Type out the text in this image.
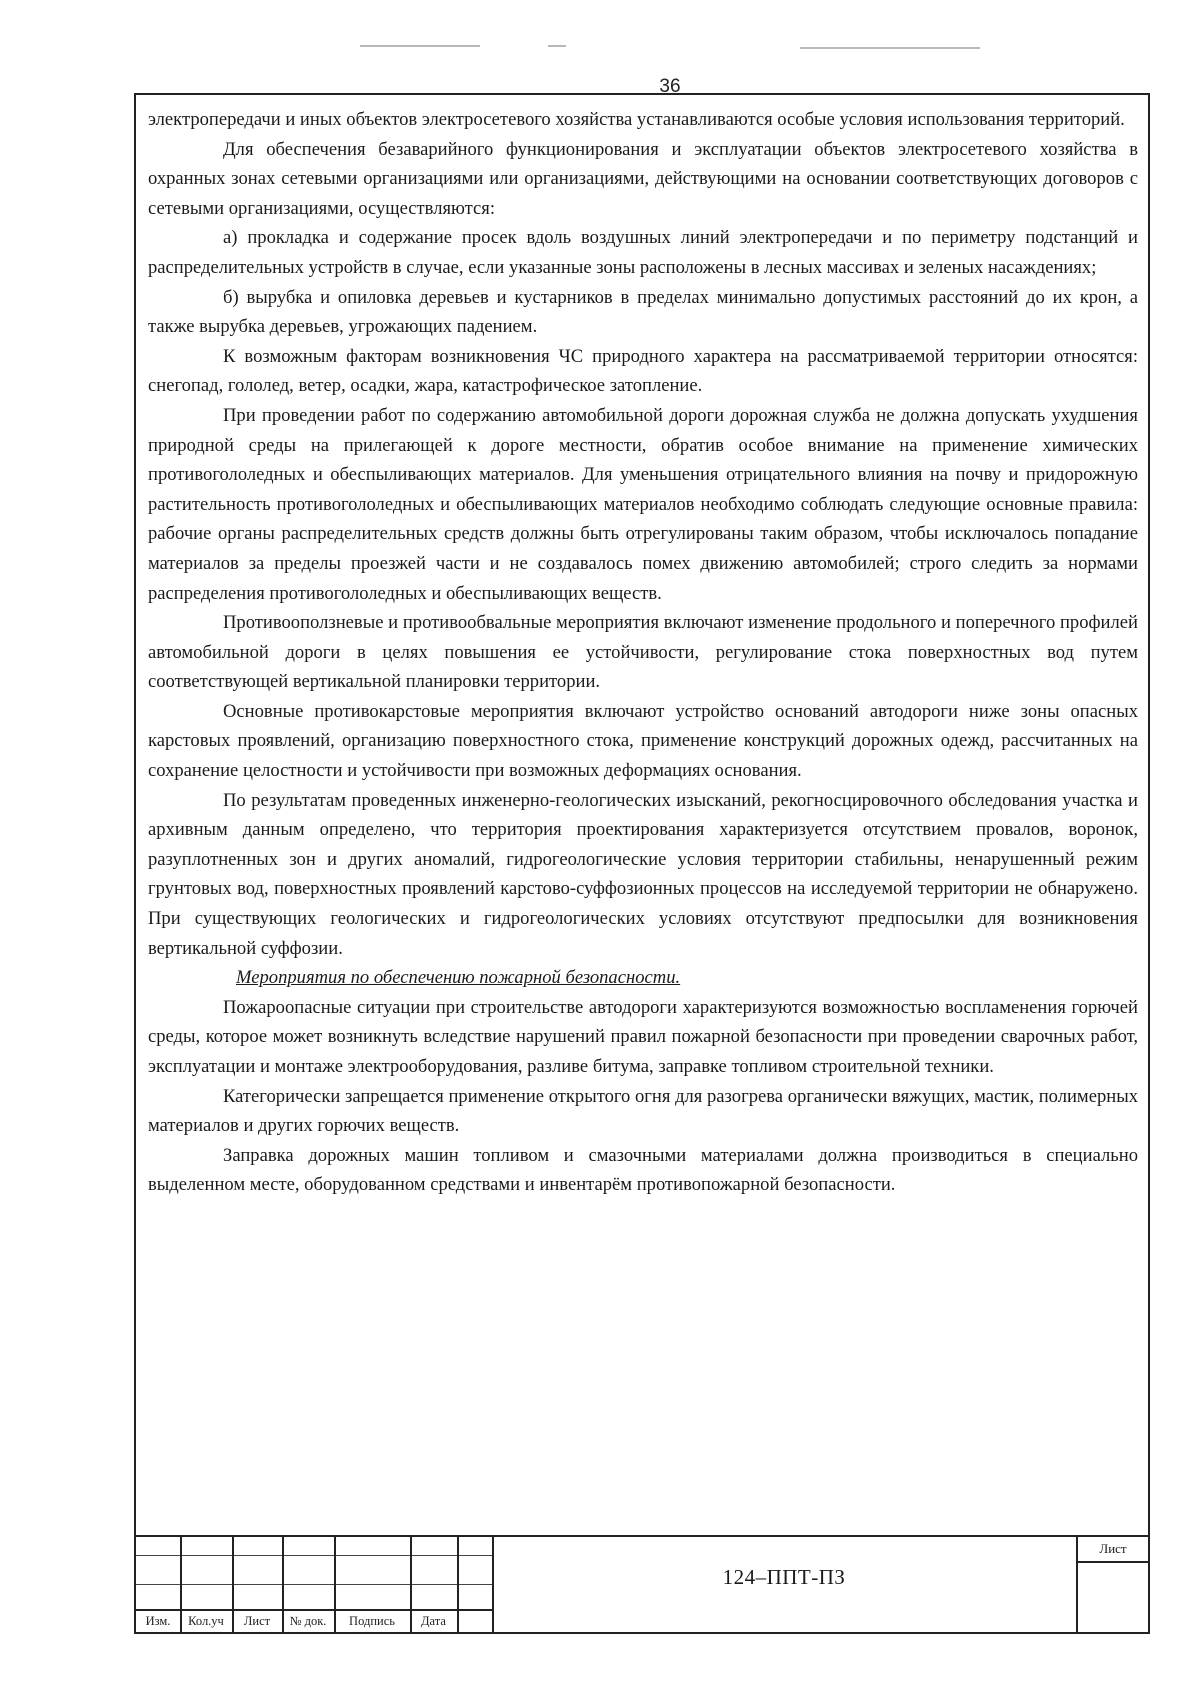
36

электропередачи и иных объектов электросетевого хозяйства устанавливаются особые условия использования территорий.

Для обеспечения безаварийного функционирования и эксплуатации объектов электросетевого хозяйства в охранных зонах сетевыми организациями или организациями, действующими на основании соответствующих договоров с сетевыми организациями, осуществляются:

а) прокладка и содержание просек вдоль воздушных линий электропередачи и по периметру подстанций и распределительных устройств в случае, если указанные зоны расположены в лесных массивах и зеленых насаждениях;

б) вырубка и опиловка деревьев и кустарников в пределах минимально допустимых расстояний до их крон, а также вырубка деревьев, угрожающих падением.

К возможным факторам возникновения ЧС природного характера на рассматриваемой территории относятся: снегопад, гололед, ветер, осадки, жара, катастрофическое затопление.

При проведении работ по содержанию автомобильной дороги дорожная служба не должна допускать ухудшения природной среды на прилегающей к дороге местности, обратив особое внимание на применение химических противогололедных и обеспыливающих материалов. Для уменьшения отрицательного влияния на почву и придорожную растительность противогололедных и обеспыливающих материалов необходимо соблюдать следующие основные правила: рабочие органы распределительных средств должны быть отрегулированы таким образом, чтобы исключалось попадание материалов за пределы проезжей части и не создавалось помех движению автомобилей; строго следить за нормами распределения противогололедных и обеспыливающих веществ.

Противооползневые и противообвальные мероприятия включают изменение продольного и поперечного профилей автомобильной дороги в целях повышения ее устойчивости, регулирование стока поверхностных вод путем соответствующей вертикальной планировки территории.

Основные противокарстовые мероприятия включают устройство оснований автодороги ниже зоны опасных карстовых проявлений, организацию поверхностного стока, применение конструкций дорожных одежд, рассчитанных на сохранение целостности и устойчивости при возможных деформациях основания.

По результатам проведенных инженерно-геологических изысканий, рекогносцировочного обследования участка и архивным данным определено, что территория проектирования характеризуется отсутствием провалов, воронок, разуплотненных зон и других аномалий, гидрогеологические условия территории стабильны, ненарушенный режим грунтовых вод, поверхностных проявлений карстово-суффозионных процессов на исследуемой территории не обнаружено. При существующих геологических и гидрогеологических условиях отсутствуют предпосылки для возникновения вертикальной суффозии.

Мероприятия по обеспечению пожарной безопасности.

Пожароопасные ситуации при строительстве автодороги характеризуются возможностью воспламенения горючей среды, которое может возникнуть вследствие нарушений правил пожарной безопасности при проведении сварочных работ, эксплуатации и монтаже электрооборудования, разливе битума, заправке топливом строительной техники.

Категорически запрещается применение открытого огня для разогрева органически вяжущих, мастик, полимерных материалов и других горючих веществ.

Заправка дорожных машин топливом и смазочными материалами должна производиться в специально выделенном месте, оборудованном средствами и инвентарём противопожарной безопасности.

Изм.	Кол.уч	Лист	№ док.	Подпись	Дата
124–ППТ-ПЗ
Лист
